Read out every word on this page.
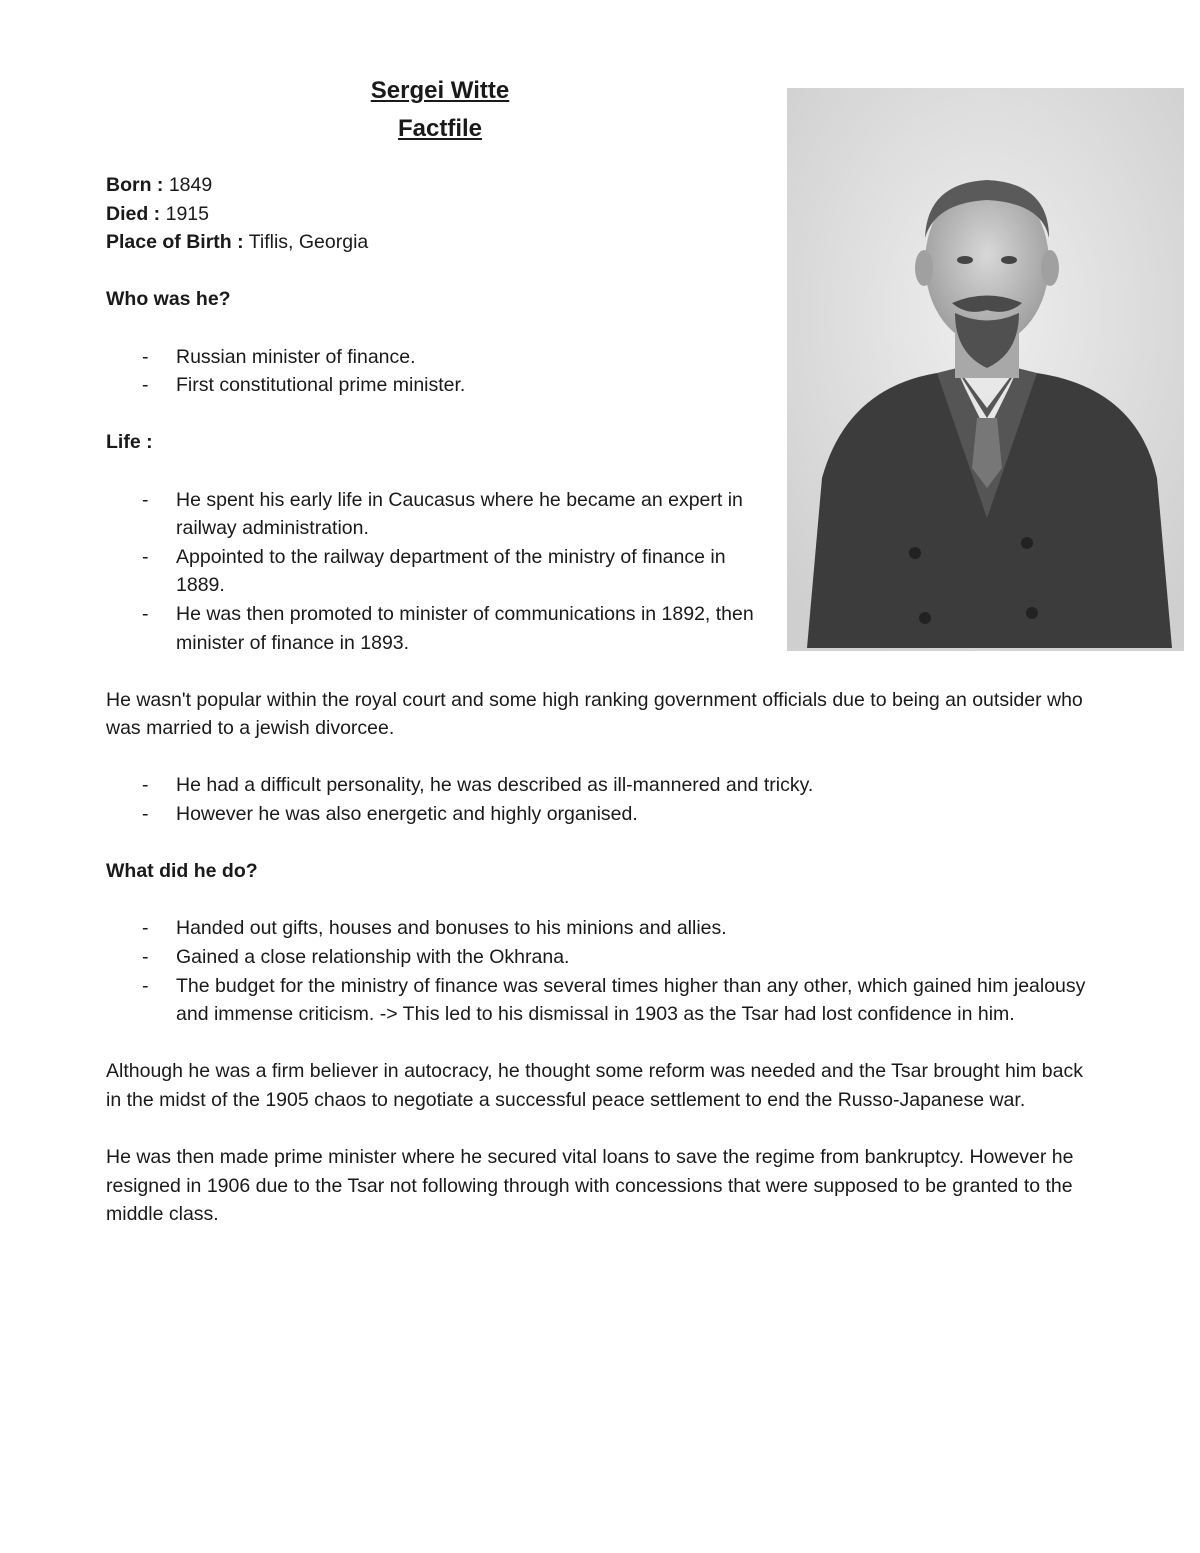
Sergei Witte
Factfile
Born : 1849
Died : 1915
Place of Birth : Tiflis, Georgia
Who was he?
- Russian minister of finance.
- First constitutional prime minister.
Life :
- He spent his early life in Caucasus where he became an expert in railway administration.
- Appointed to the railway department of the ministry of finance in 1889.
- He was then promoted to minister of communications in 1892, then minister of finance in 1893.

He wasn't popular within the royal court and some high ranking government officials due to being an outsider who was married to a jewish divorcee.

- He had a difficult personality, he was described as ill-mannered and tricky.
- However he was also energetic and highly organised.
What did he do?
- Handed out gifts, houses and bonuses to his minions and allies.
- Gained a close relationship with the Okhrana.
- The budget for the ministry of finance was several times higher than any other, which gained him jealousy and immense criticism. -> This led to his dismissal in 1903 as the Tsar had lost confidence in him.

Although he was a firm believer in autocracy, he thought some reform was needed and the Tsar brought him back in the midst of the 1905 chaos to negotiate a successful peace settlement to end the Russo-Japanese war.

He was then made prime minister where he secured vital loans to save the regime from bankruptcy. However he resigned in 1906 due to the Tsar not following through with concessions that were supposed to be granted to the middle class.
